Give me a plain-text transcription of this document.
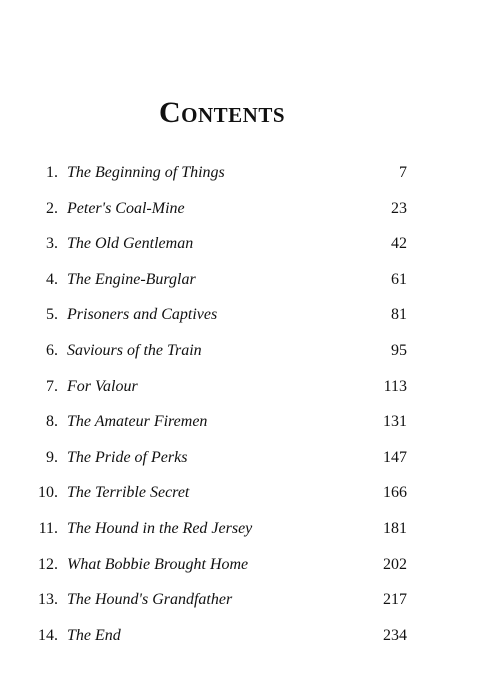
Contents
1. The Beginning of Things	7
2. Peter's Coal-Mine	23
3. The Old Gentleman	42
4. The Engine-Burglar	61
5. Prisoners and Captives	81
6. Saviours of the Train	95
7. For Valour	113
8. The Amateur Firemen	131
9. The Pride of Perks	147
10. The Terrible Secret	166
11. The Hound in the Red Jersey	181
12. What Bobbie Brought Home	202
13. The Hound's Grandfather	217
14. The End	234
